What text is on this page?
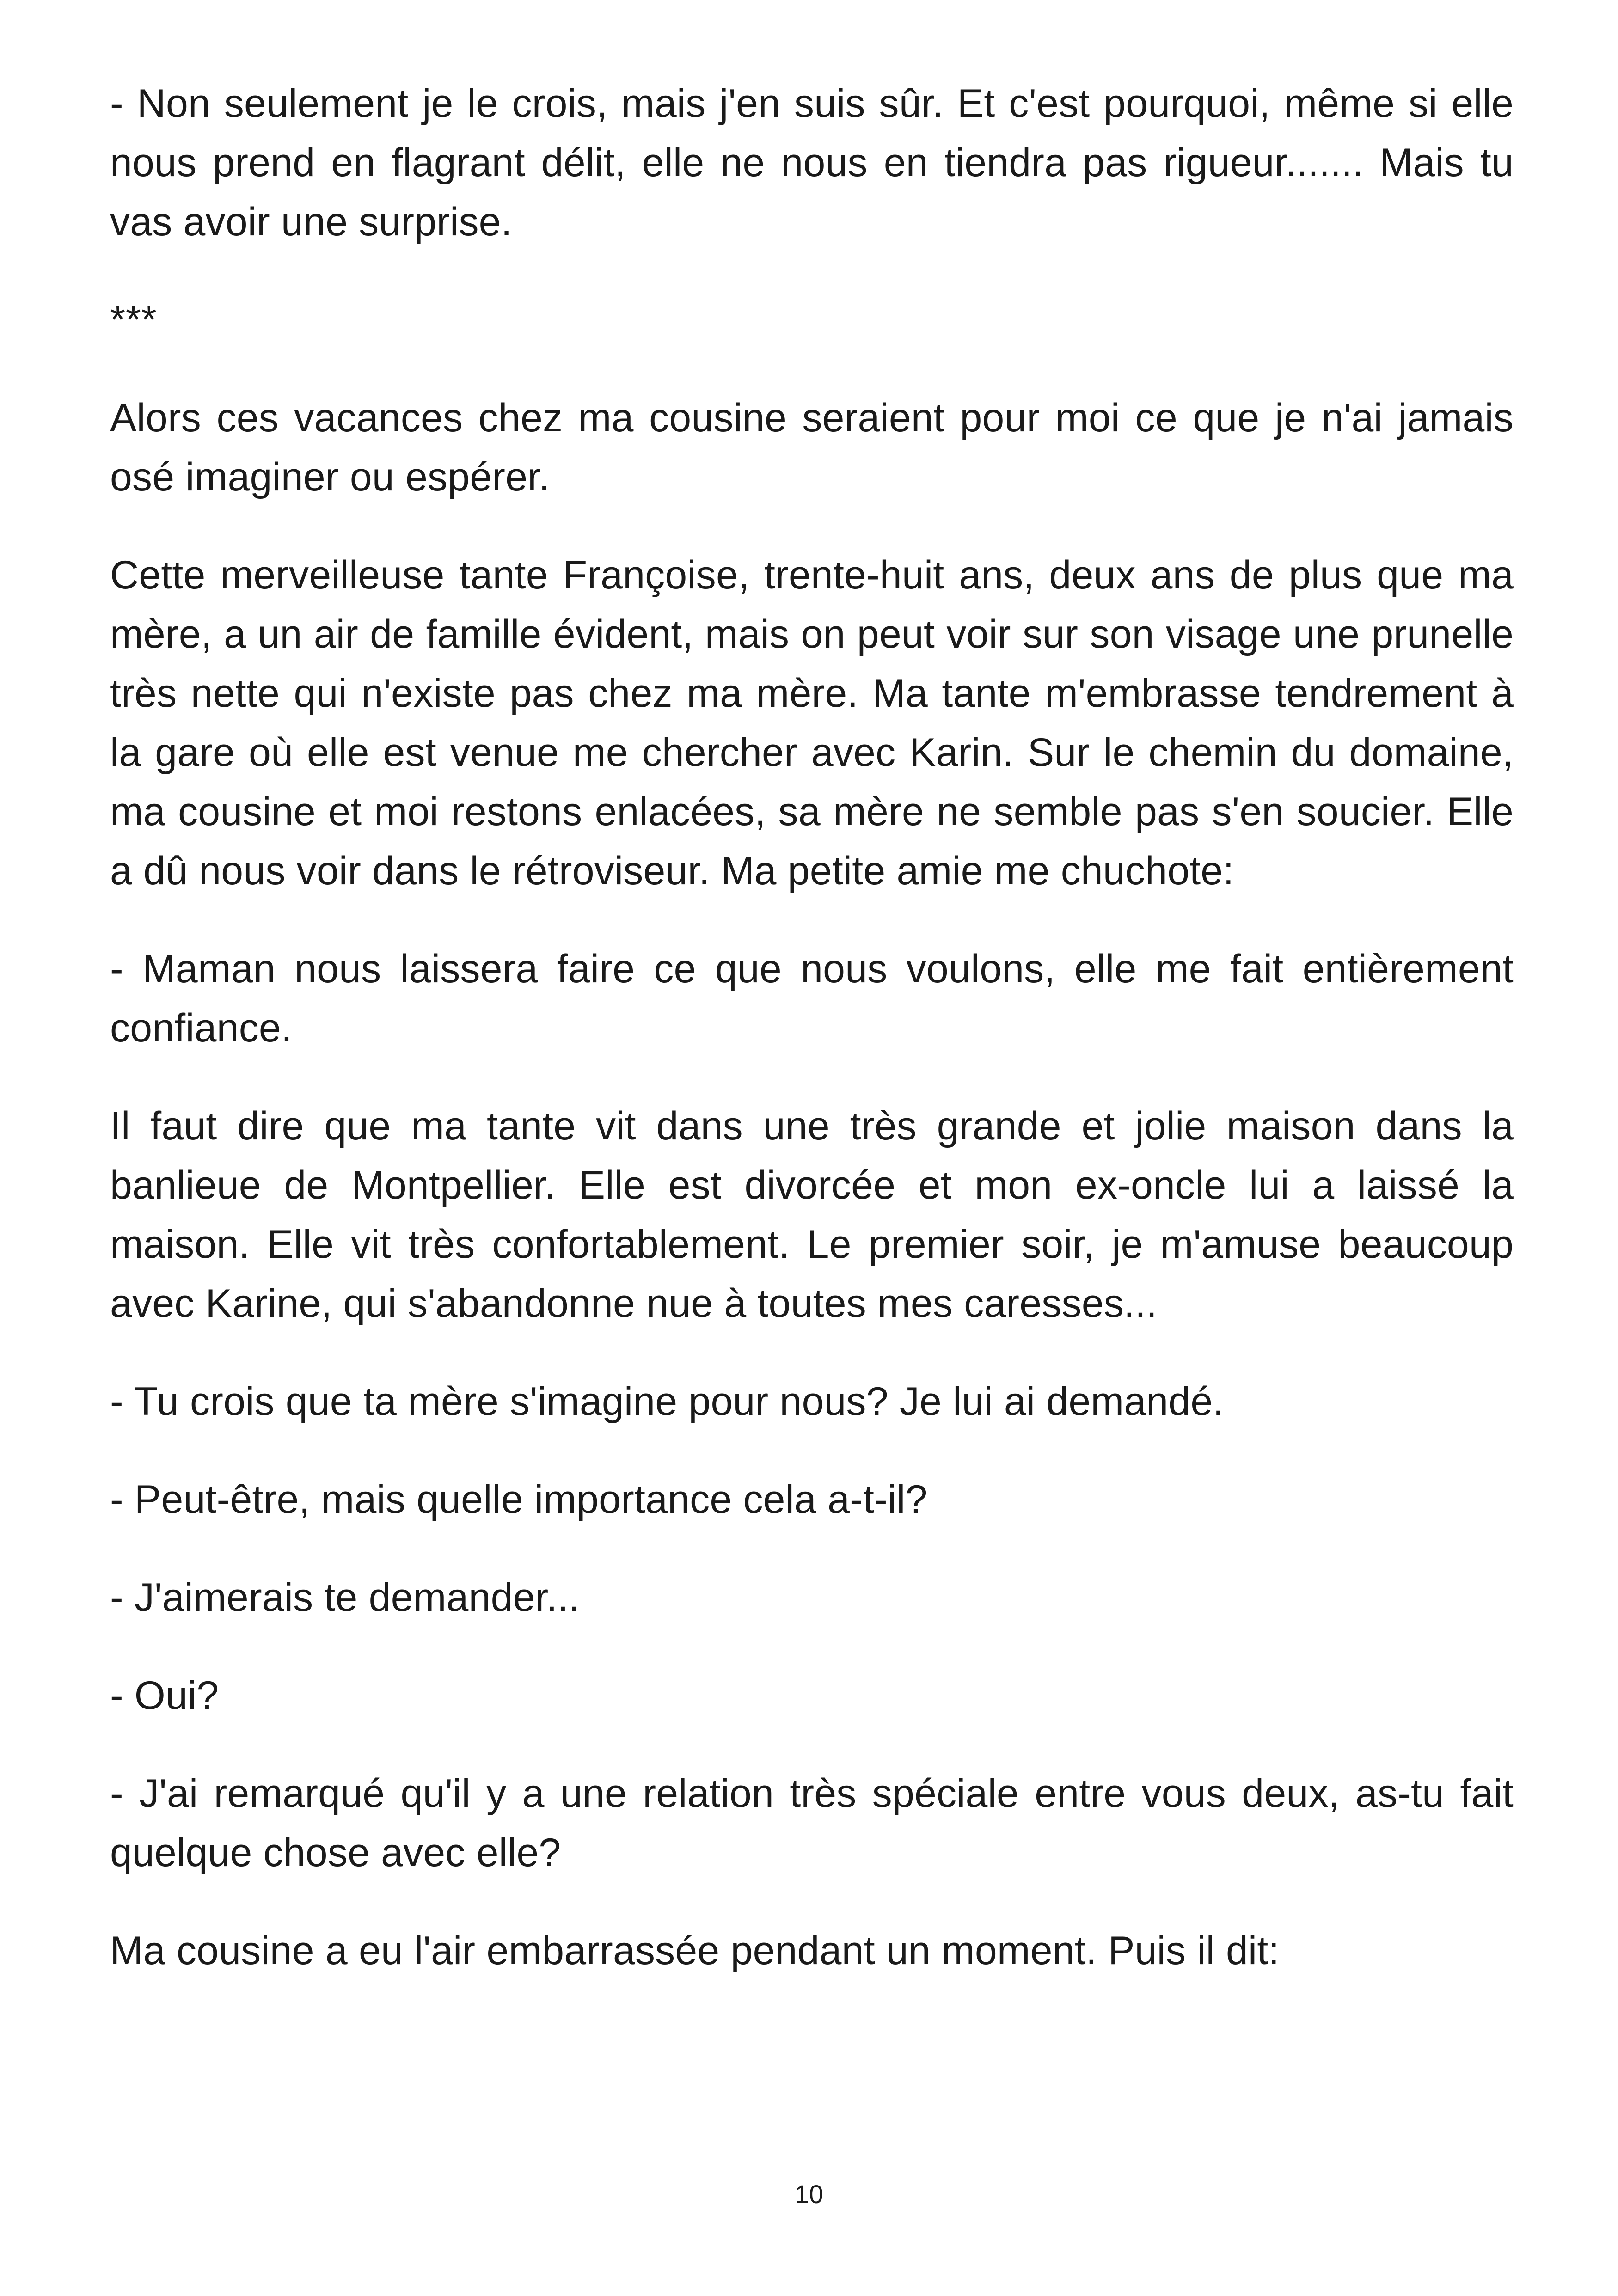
- Non seulement je le crois, mais j'en suis sûr. Et c'est pourquoi, même si elle nous prend en flagrant délit, elle ne nous en tiendra pas rigueur....... Mais tu vas avoir une surprise.

***

Alors ces vacances chez ma cousine seraient pour moi ce que je n'ai jamais osé imaginer ou espérer.

Cette merveilleuse tante Françoise, trente-huit ans, deux ans de plus que ma mère, a un air de famille évident, mais on peut voir sur son visage une prunelle très nette qui n'existe pas chez ma mère. Ma tante m'embrasse tendrement à la gare où elle est venue me chercher avec Karin. Sur le chemin du domaine, ma cousine et moi restons enlacées, sa mère ne semble pas s'en soucier. Elle a dû nous voir dans le rétroviseur. Ma petite amie me chuchote:

- Maman nous laissera faire ce que nous voulons, elle me fait entièrement confiance.

Il faut dire que ma tante vit dans une très grande et jolie maison dans la banlieue de Montpellier. Elle est divorcée et mon ex-oncle lui a laissé la maison. Elle vit très confortablement. Le premier soir, je m'amuse beaucoup avec Karine, qui s'abandonne nue à toutes mes caresses...

- Tu crois que ta mère s'imagine pour nous? Je lui ai demandé.

- Peut-être, mais quelle importance cela a-t-il?

- J'aimerais te demander...

- Oui?

- J'ai remarqué qu'il y a une relation très spéciale entre vous deux, as-tu fait quelque chose avec elle?

Ma cousine a eu l'air embarrassée pendant un moment. Puis il dit:

10
